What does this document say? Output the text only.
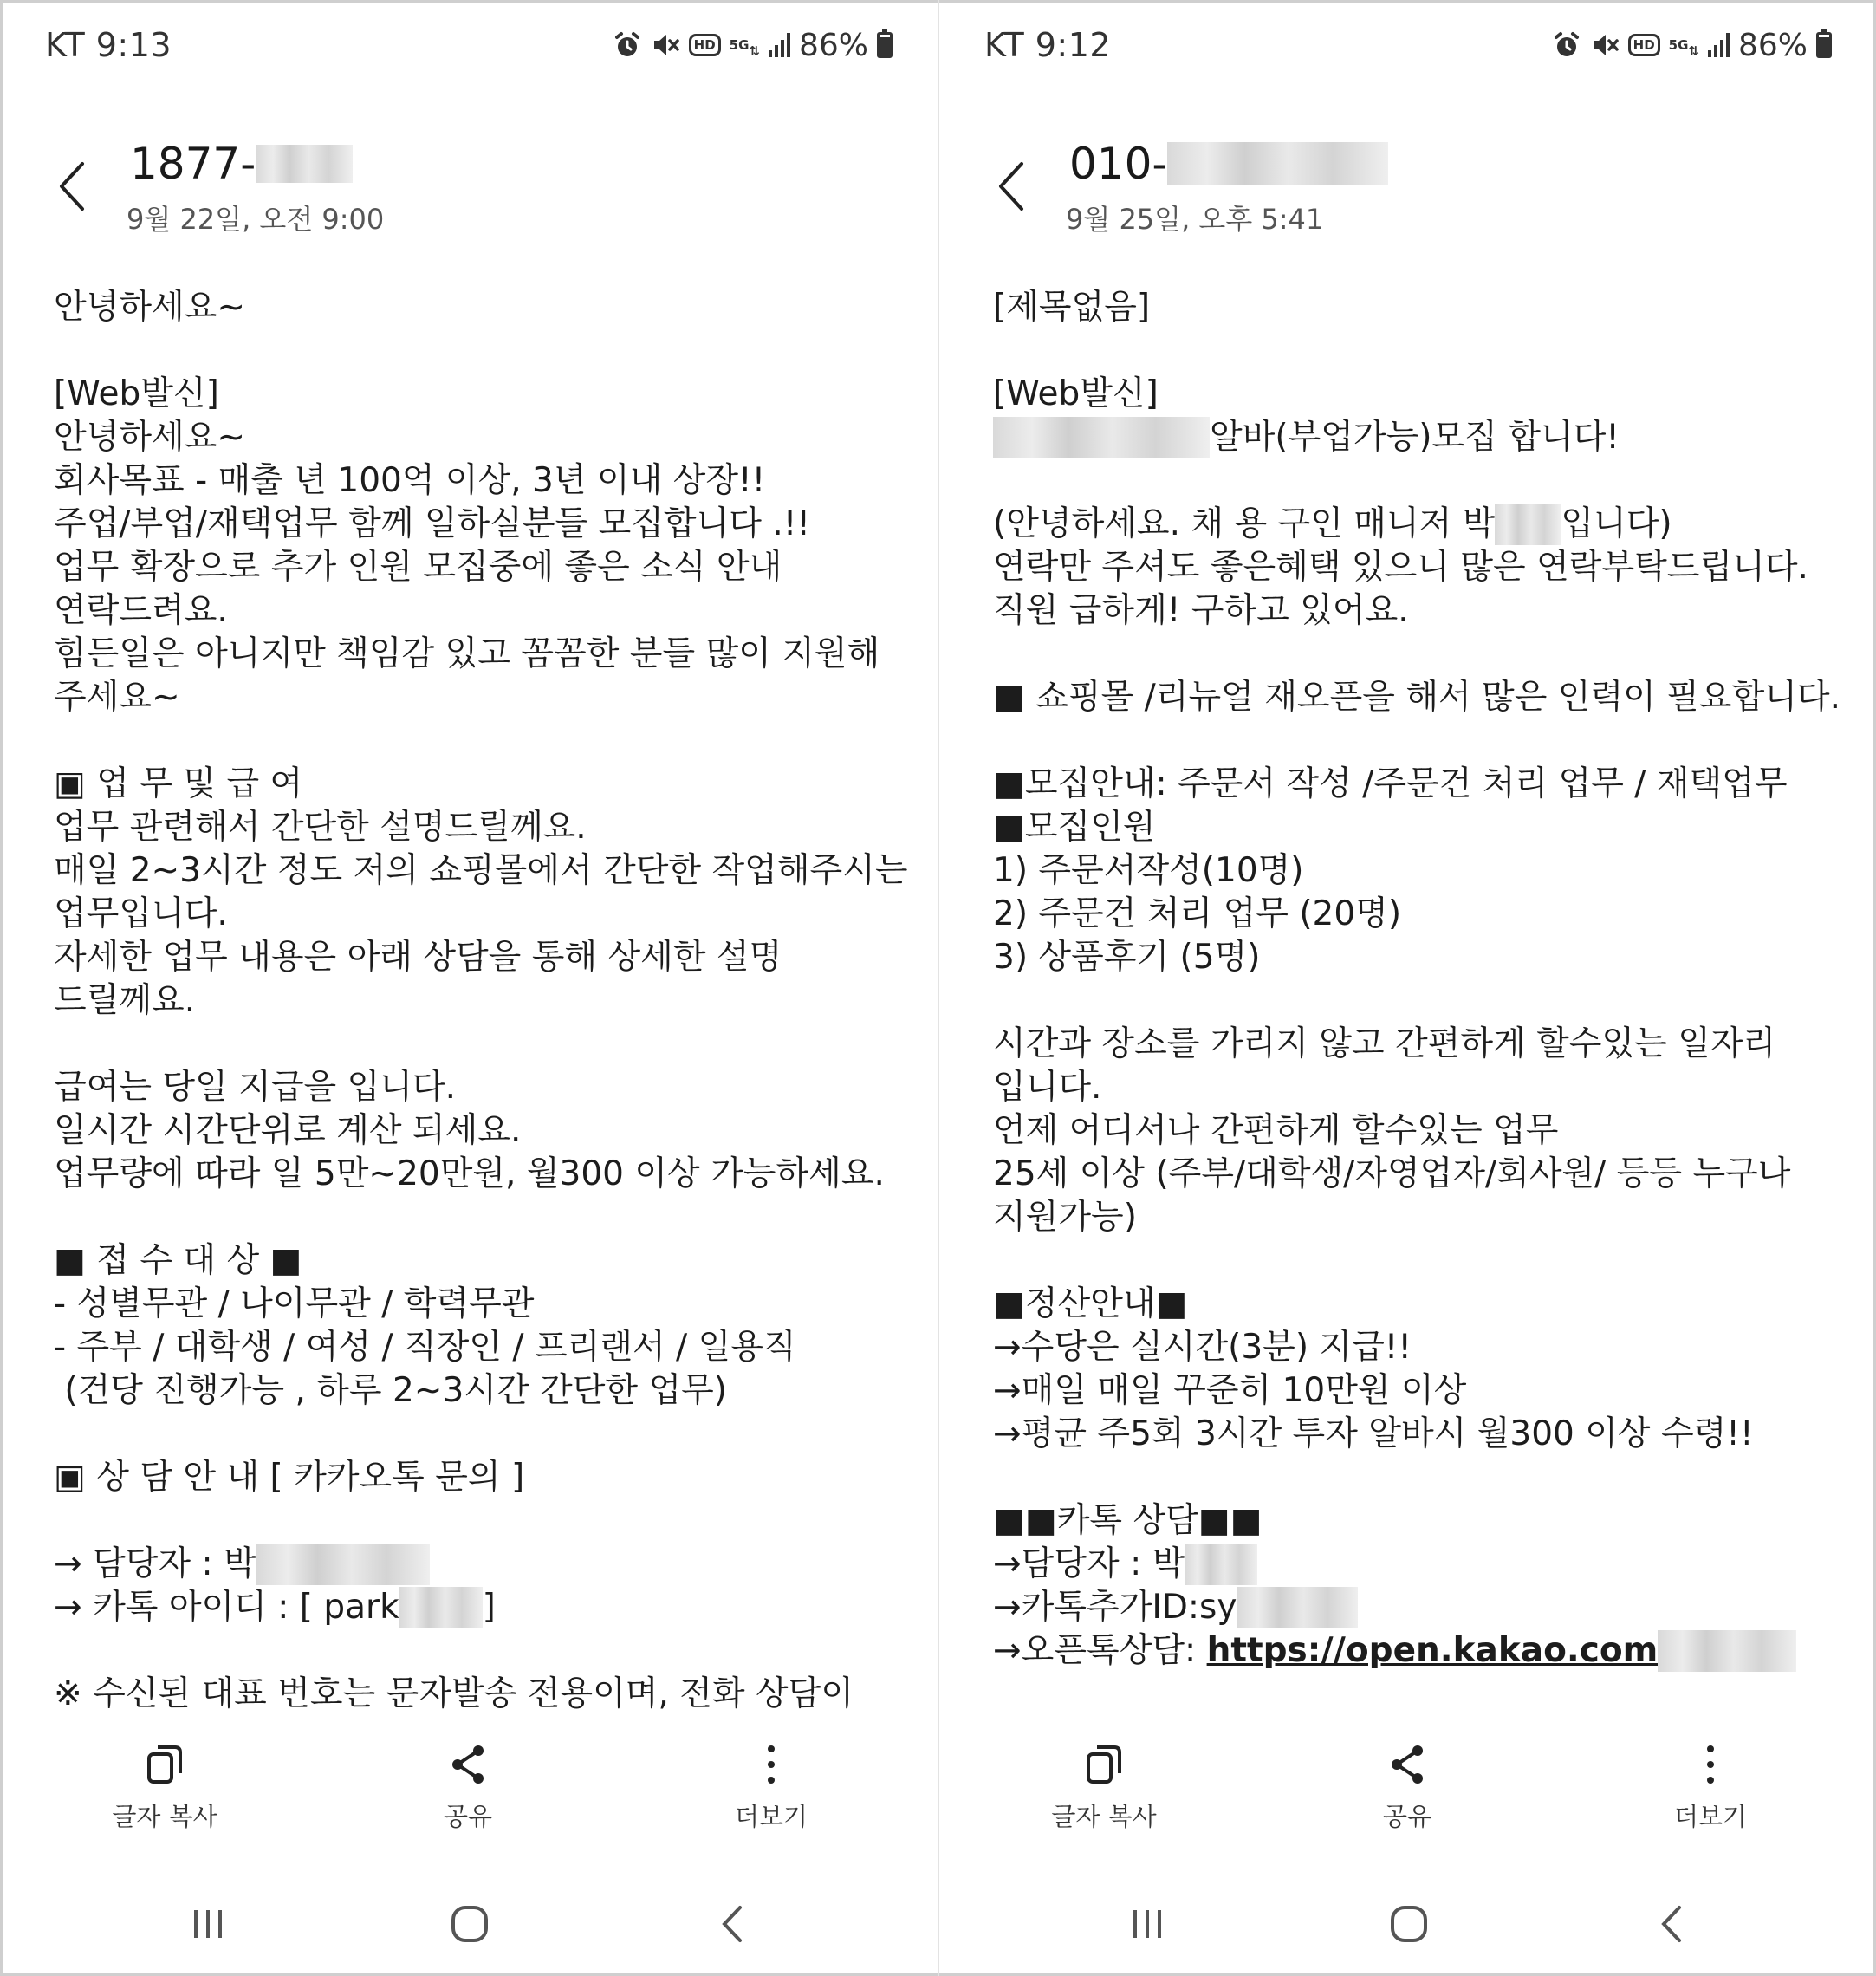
KT 9:13	HD	5G ⇅ 86%
1877-
9월 22일, 오전 9:00
안녕하세요~
[Web발신]
안녕하세요~
회사목표 - 매출 년 100억 이상, 3년 이내 상장!!
주업/부업/재택업무 함께 일하실분들 모집합니다 .!!
업무 확장으로 추가 인원 모집중에 좋은 소식 안내
연락드려요.
힘든일은 아니지만 책임감 있고 꼼꼼한 분들 많이 지원해
주세요~
▣ 업 무 및 급 여
업무 관련해서 간단한 설명드릴께요.
매일 2~3시간 정도 저의 쇼핑몰에서 간단한 작업해주시는
업무입니다.
자세한 업무 내용은 아래 상담을 통해 상세한 설명
드릴께요.
급여는 당일 지급을 입니다.
일시간 시간단위로 계산 되세요.
업무량에 따라 일 5만~20만원, 월300 이상 가능하세요.
■ 접 수 대 상 ■
- 성별무관 / 나이무관 / 학력무관
- 주부 / 대학생 / 여성 / 직장인 / 프리랜서 / 일용직
(건당 진행가능 , 하루 2~3시간 간단한 업무)
▣ 상 담 안 내 [ 카카오톡 문의 ]
→ 담당자 : 박
→ 카톡 아이디 : [ park ]
※ 수신된 대표 번호는 문자발송 전용이며, 전화 상담이
글자 복사	공유	더보기
KT 9:12	HD	5G ⇅ 86%
010-
9월 25일, 오후 5:41
[제목없음]
[Web발신]
알바(부업가능)모집 합니다!
(안녕하세요. 채 용 구인 매니저 박 입니다)
연락만 주셔도 좋은혜택 있으니 많은 연락부탁드립니다.
직원 급하게! 구하고 있어요.
■ 쇼핑몰 /리뉴얼 재오픈을 해서 많은 인력이 필요합니다.
■모집안내: 주문서 작성 /주문건 처리 업무 / 재택업무
■모집인원
1) 주문서작성(10명)
2) 주문건 처리 업무 (20명)
3) 상품후기 (5명)
시간과 장소를 가리지 않고 간편하게 할수있는 일자리
입니다.
언제 어디서나 간편하게 할수있는 업무
25세 이상 (주부/대학생/자영업자/회사원/ 등등 누구나
지원가능)
■정산안내■
→수당은 실시간(3분) 지급!!
→매일 매일 꾸준히 10만원 이상
→평균 주5회 3시간 투자 알바시 월300 이상 수령!!
■■카톡 상담■■
→담당자 : 박
→카톡추가ID:sy
→오픈톡상담: https://open.kakao.com
글자 복사	공유	더보기
